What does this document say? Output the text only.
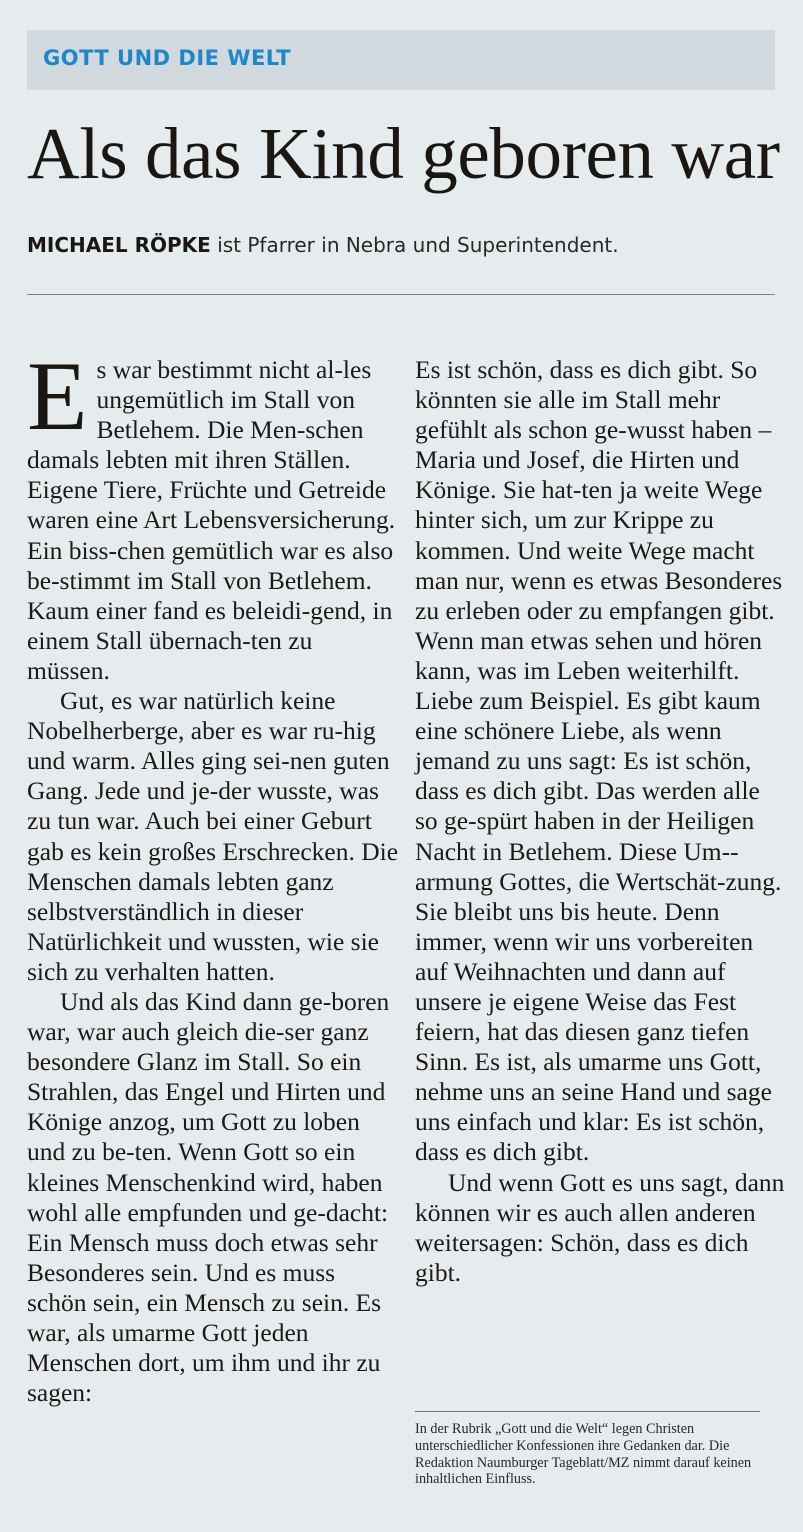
GOTT UND DIE WELT
Als das Kind geboren war
MICHAEL RÖPKE ist Pfarrer in Nebra und Superintendent.

Es war bestimmt nicht al-les ungemütlich im Stall von Betlehem. Die Men-schen damals lebten mit ihren Ställen. Eigene Tiere, Früchte und Getreide waren eine Art Lebensversicherung. Ein biss-chen gemütlich war es also be-stimmt im Stall von Betlehem. Kaum einer fand es beleidi-gend, in einem Stall übernach-ten zu müssen.

Gut, es war natürlich keine Nobelherberge, aber es war ru-hig und warm. Alles ging sei-nen guten Gang. Jede und je-der wusste, was zu tun war. Auch bei einer Geburt gab es kein großes Erschrecken. Die Menschen damals lebten ganz selbstverständlich in dieser Natürlichkeit und wussten, wie sie sich zu verhalten hatten.

Und als das Kind dann ge-boren war, war auch gleich die-ser ganz besondere Glanz im Stall. So ein Strahlen, das Engel und Hirten und Könige anzog, um Gott zu loben und zu be-ten. Wenn Gott so ein kleines Menschenkind wird, haben wohl alle empfunden und ge-dacht: Ein Mensch muss doch etwas sehr Besonderes sein. Und es muss schön sein, ein Mensch zu sein. Es war, als umarme Gott jeden Menschen dort, um ihm und ihr zu sagen:

Es ist schön, dass es dich gibt. So könnten sie alle im Stall mehr gefühlt als schon ge-wusst haben – Maria und Josef, die Hirten und Könige. Sie hat-ten ja weite Wege hinter sich, um zur Krippe zu kommen. Und weite Wege macht man nur, wenn es etwas Besonderes zu erleben oder zu empfangen gibt. Wenn man etwas sehen und hören kann, was im Leben weiterhilft. Liebe zum Beispiel. Es gibt kaum eine schönere Liebe, als wenn jemand zu uns sagt: Es ist schön, dass es dich gibt. Das werden alle so ge-spürt haben in der Heiligen Nacht in Betlehem. Diese Um-armung Gottes, die Wertschät-zung. Sie bleibt uns bis heute. Denn immer, wenn wir uns vorbereiten auf Weihnachten und dann auf unsere je eigene Weise das Fest feiern, hat das diesen ganz tiefen Sinn. Es ist, als umarme uns Gott, nehme uns an seine Hand und sage uns einfach und klar: Es ist schön, dass es dich gibt.

Und wenn Gott es uns sagt, dann können wir es auch allen anderen weitersagen: Schön, dass es dich gibt.

In der Rubrik „Gott und die Welt“ legen Christen unterschiedlicher Konfessionen ihre Gedanken dar. Die Redaktion Naumburger Tageblatt/MZ nimmt darauf keinen inhaltlichen Einfluss.
